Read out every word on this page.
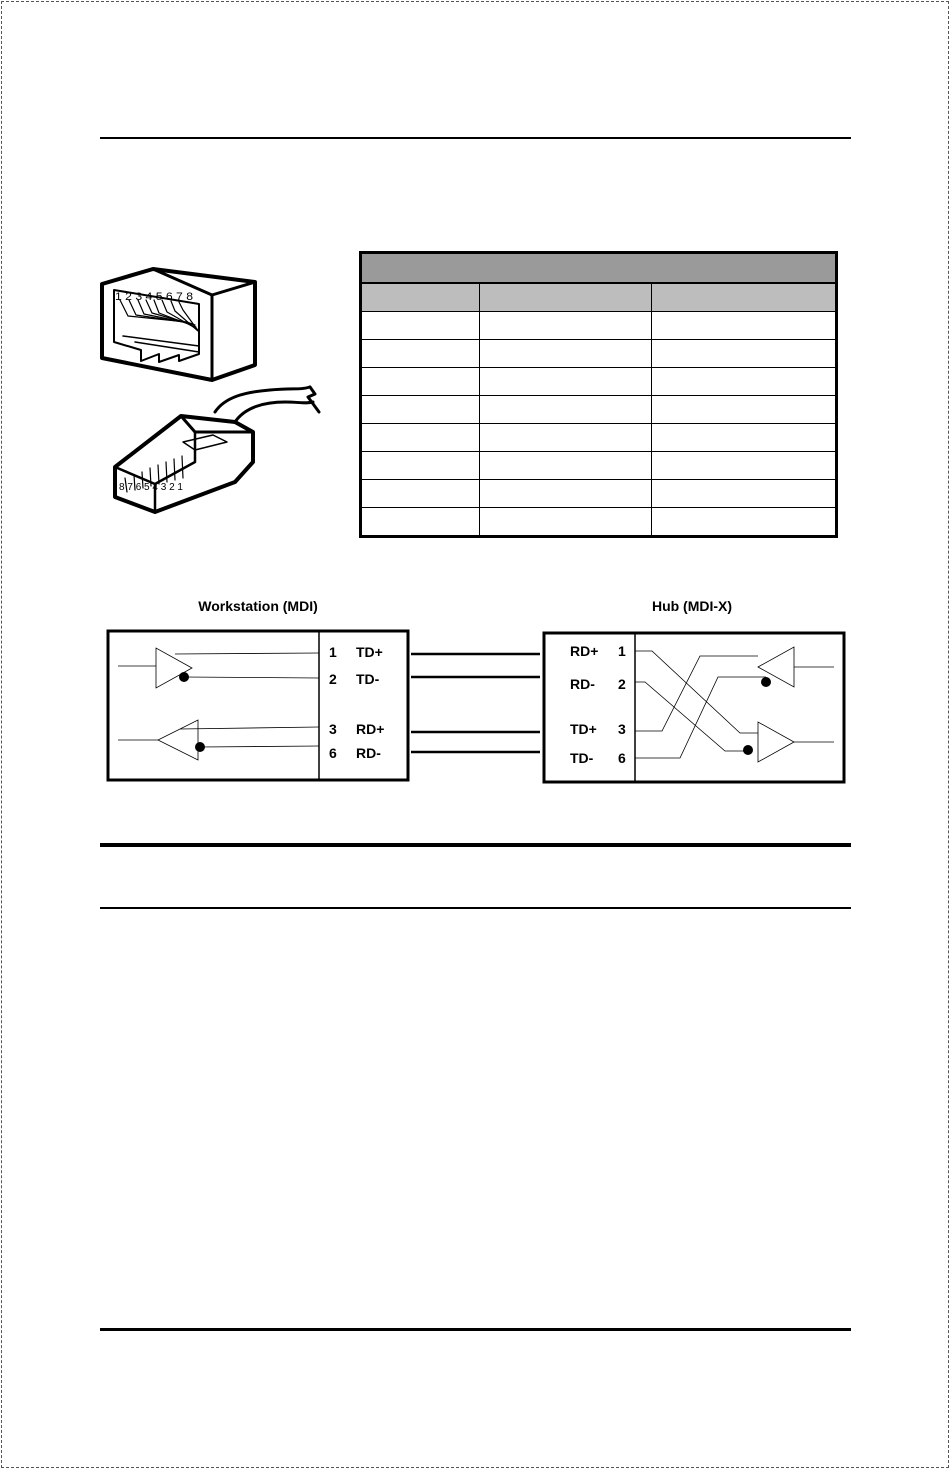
1 2 3 4 5 6 7 8
8 7 6 5 4 3 2 1

Workstation (MDI)	Hub (MDI-X)
1 TD+
2 TD-
3 RD+
6 RD-
RD+ 1
RD- 2
TD+ 3
TD- 6
